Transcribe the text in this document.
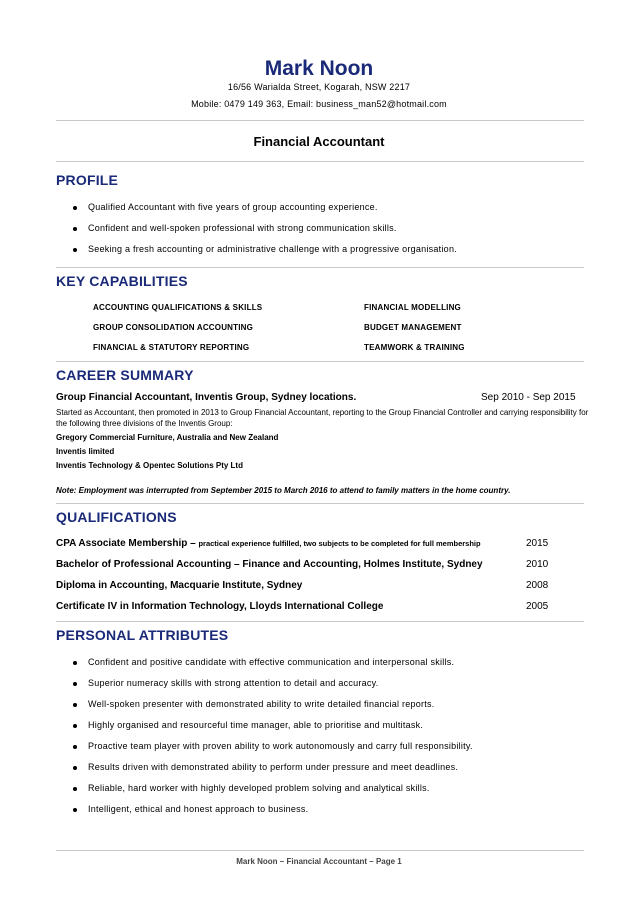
Mark Noon
16/56 Warialda Street, Kogarah, NSW 2217
Mobile: 0479 149 363, Email: business_man52@hotmail.com
Financial Accountant
PROFILE
Qualified Accountant with five years of group accounting experience.
Confident and well-spoken professional with strong communication skills.
Seeking a fresh accounting or administrative challenge with a progressive organisation.
KEY CAPABILITIES
ACCOUNTING QUALIFICATIONS & SKILLS
GROUP CONSOLIDATION ACCOUNTING
FINANCIAL & STATUTORY REPORTING
FINANCIAL MODELLING
BUDGET MANAGEMENT
TEAMWORK & TRAINING
CAREER SUMMARY
Group Financial Accountant, Inventis Group, Sydney locations.	Sep 2010 - Sep 2015
Started as Accountant, then promoted in 2013 to Group Financial Accountant, reporting to the Group Financial Controller and carrying responsibility for the following three divisions of the Inventis Group:
Gregory Commercial Furniture, Australia and New Zealand
Inventis limited
Inventis Technology & Opentec Solutions Pty Ltd
Note: Employment was interrupted from September 2015 to March 2016 to attend to family matters in the home country.
QUALIFICATIONS
CPA Associate Membership – practical experience fulfilled, two subjects to be completed for full membership	2015
Bachelor of Professional Accounting – Finance and Accounting, Holmes Institute, Sydney	2010
Diploma in Accounting, Macquarie Institute, Sydney	2008
Certificate IV in Information Technology, Lloyds International College	2005
PERSONAL ATTRIBUTES
Confident and positive candidate with effective communication and interpersonal skills.
Superior numeracy skills with strong attention to detail and accuracy.
Well-spoken presenter with demonstrated ability to write detailed financial reports.
Highly organised and resourceful time manager, able to prioritise and multitask.
Proactive team player with proven ability to work autonomously and carry full responsibility.
Results driven with demonstrated ability to perform under pressure and meet deadlines.
Reliable, hard worker with highly developed problem solving and analytical skills.
Intelligent, ethical and honest approach to business.
Mark Noon – Financial Accountant – Page 1
